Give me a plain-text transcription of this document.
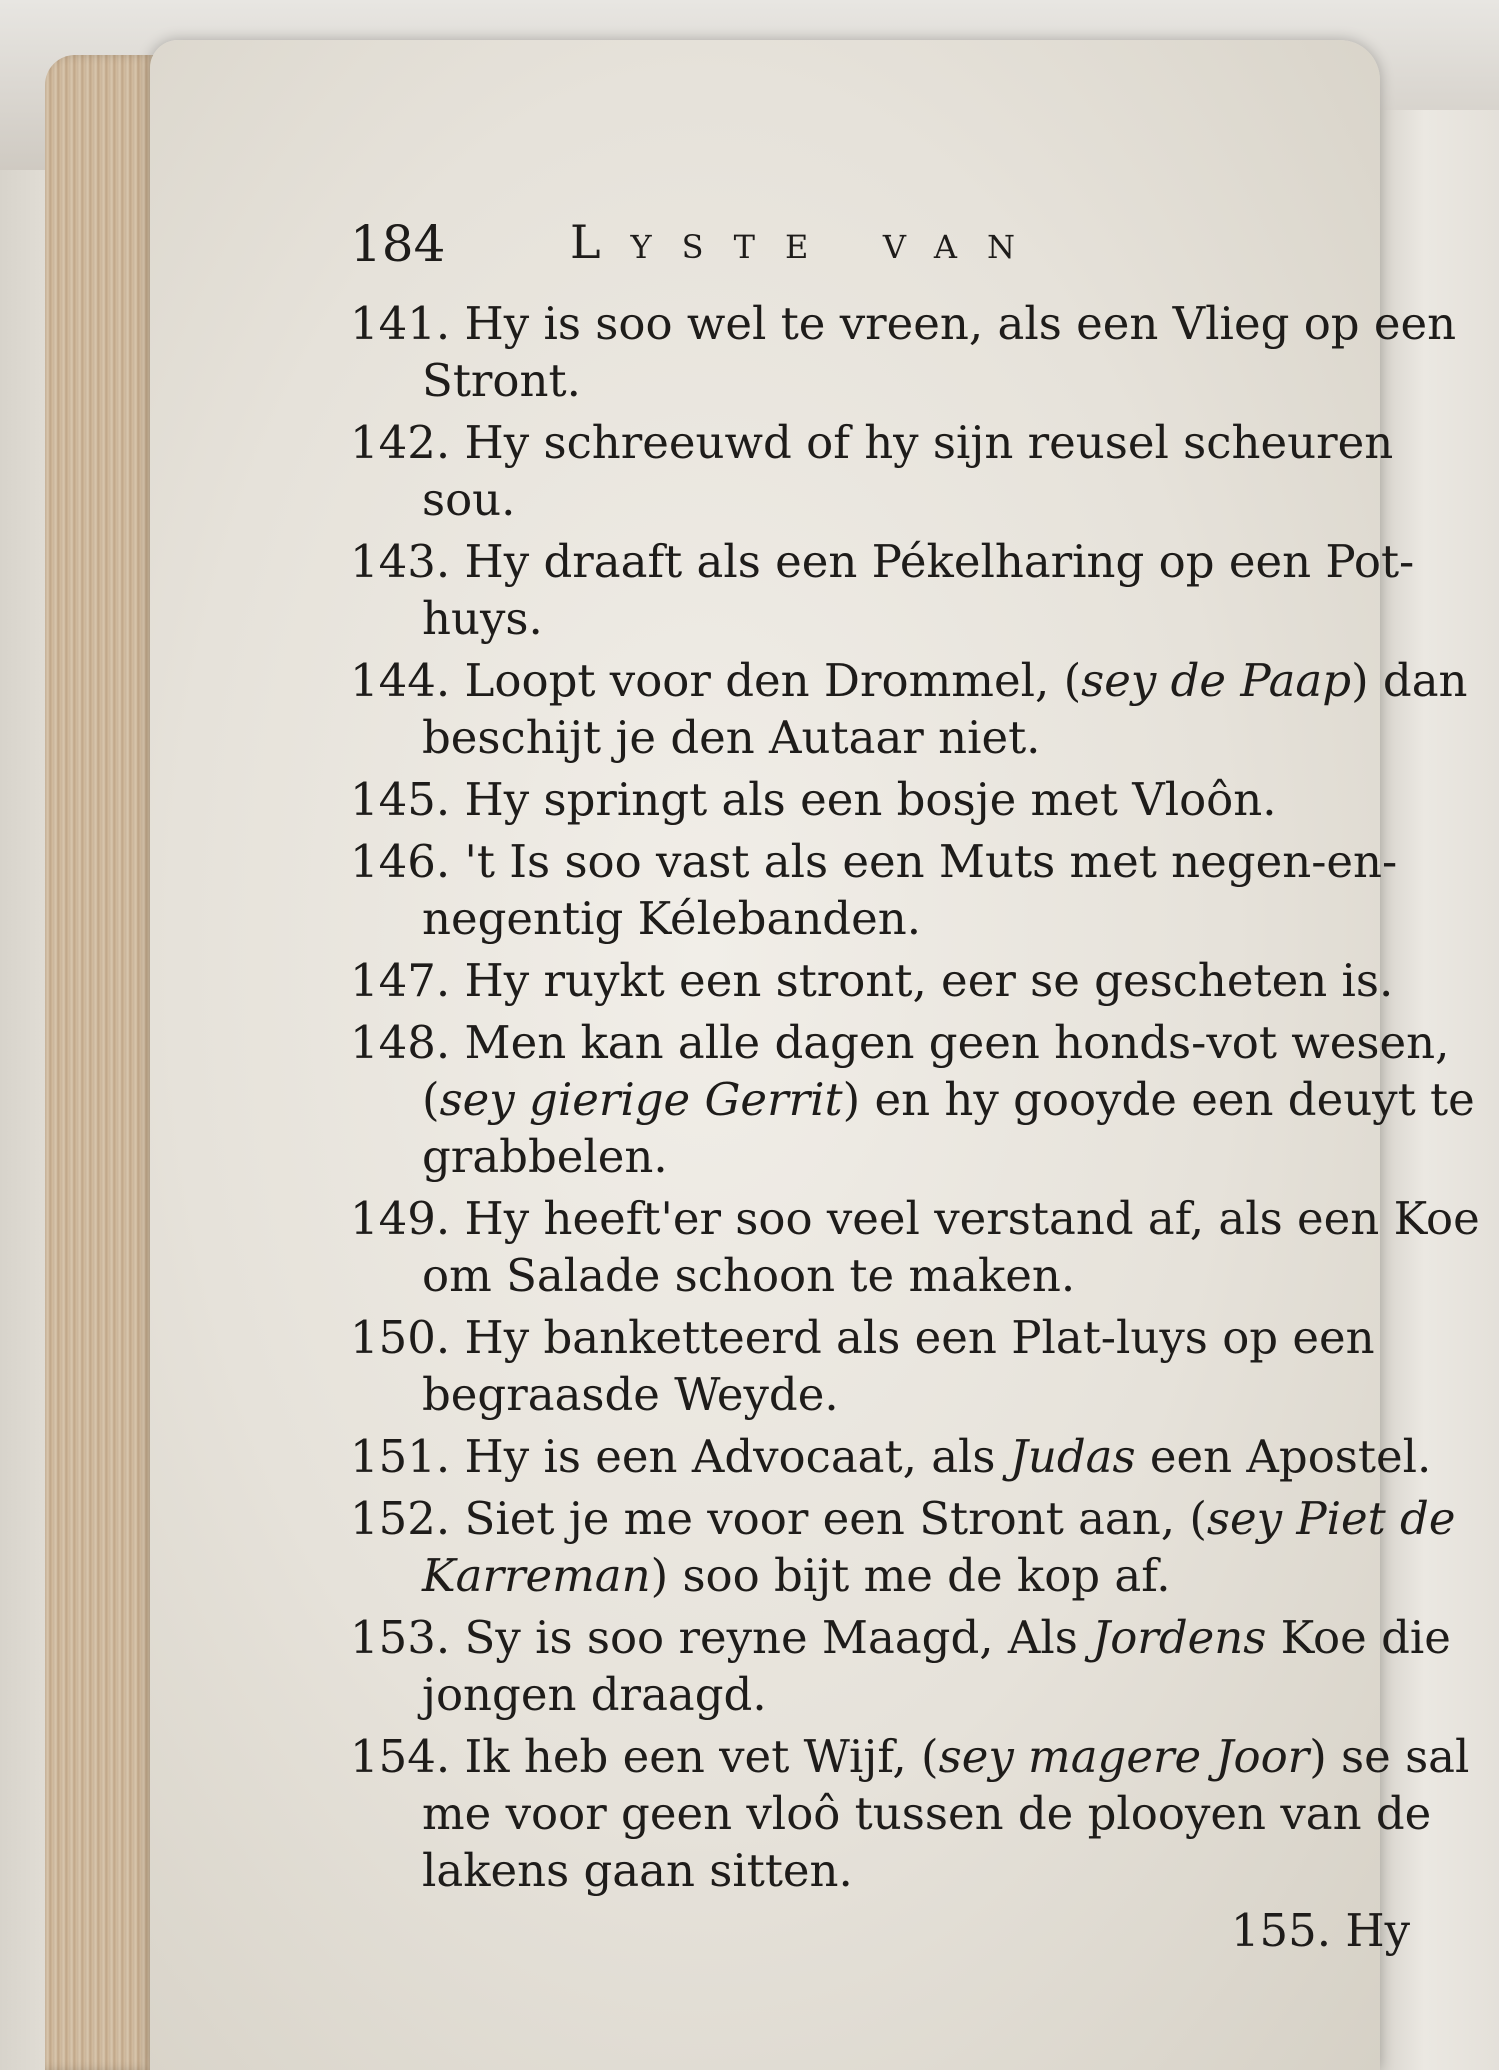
184	Lyste van
141. Hy is soo wel te vreen, als een Vlieg op een Stront.
142. Hy schreeuwd of hy sijn reusel scheuren sou.
143. Hy draaft als een Pékelharing op een Pot-huys.
144. Loopt voor den Drommel, (sey de Paap) dan beschijt je den Autaar niet.
145. Hy springt als een bosje met Vloôn.
146. 't Is soo vast als een Muts met negen-en-negentig Kélebanden.
147. Hy ruykt een stront, eer se gescheten is.
148. Men kan alle dagen geen honds-vot wesen, (sey gierige Gerrit) en hy gooyde een deuyt te grabbelen.
149. Hy heeft'er soo veel verstand af, als een Koe om Salade schoon te maken.
150. Hy banketteerd als een Plat-luys op een begraasde Weyde.
151. Hy is een Advocaat, als Judas een Apostel.
152. Siet je me voor een Stront aan, (sey Piet de Karreman) soo bijt me de kop af.
153. Sy is soo reyne Maagd, Als Jordens Koe die jongen draagd.
154. Ik heb een vet Wijf, (sey magere Joor) se sal me voor geen vloô tussen de plooyen van de lakens gaan sitten.
155. Hy
